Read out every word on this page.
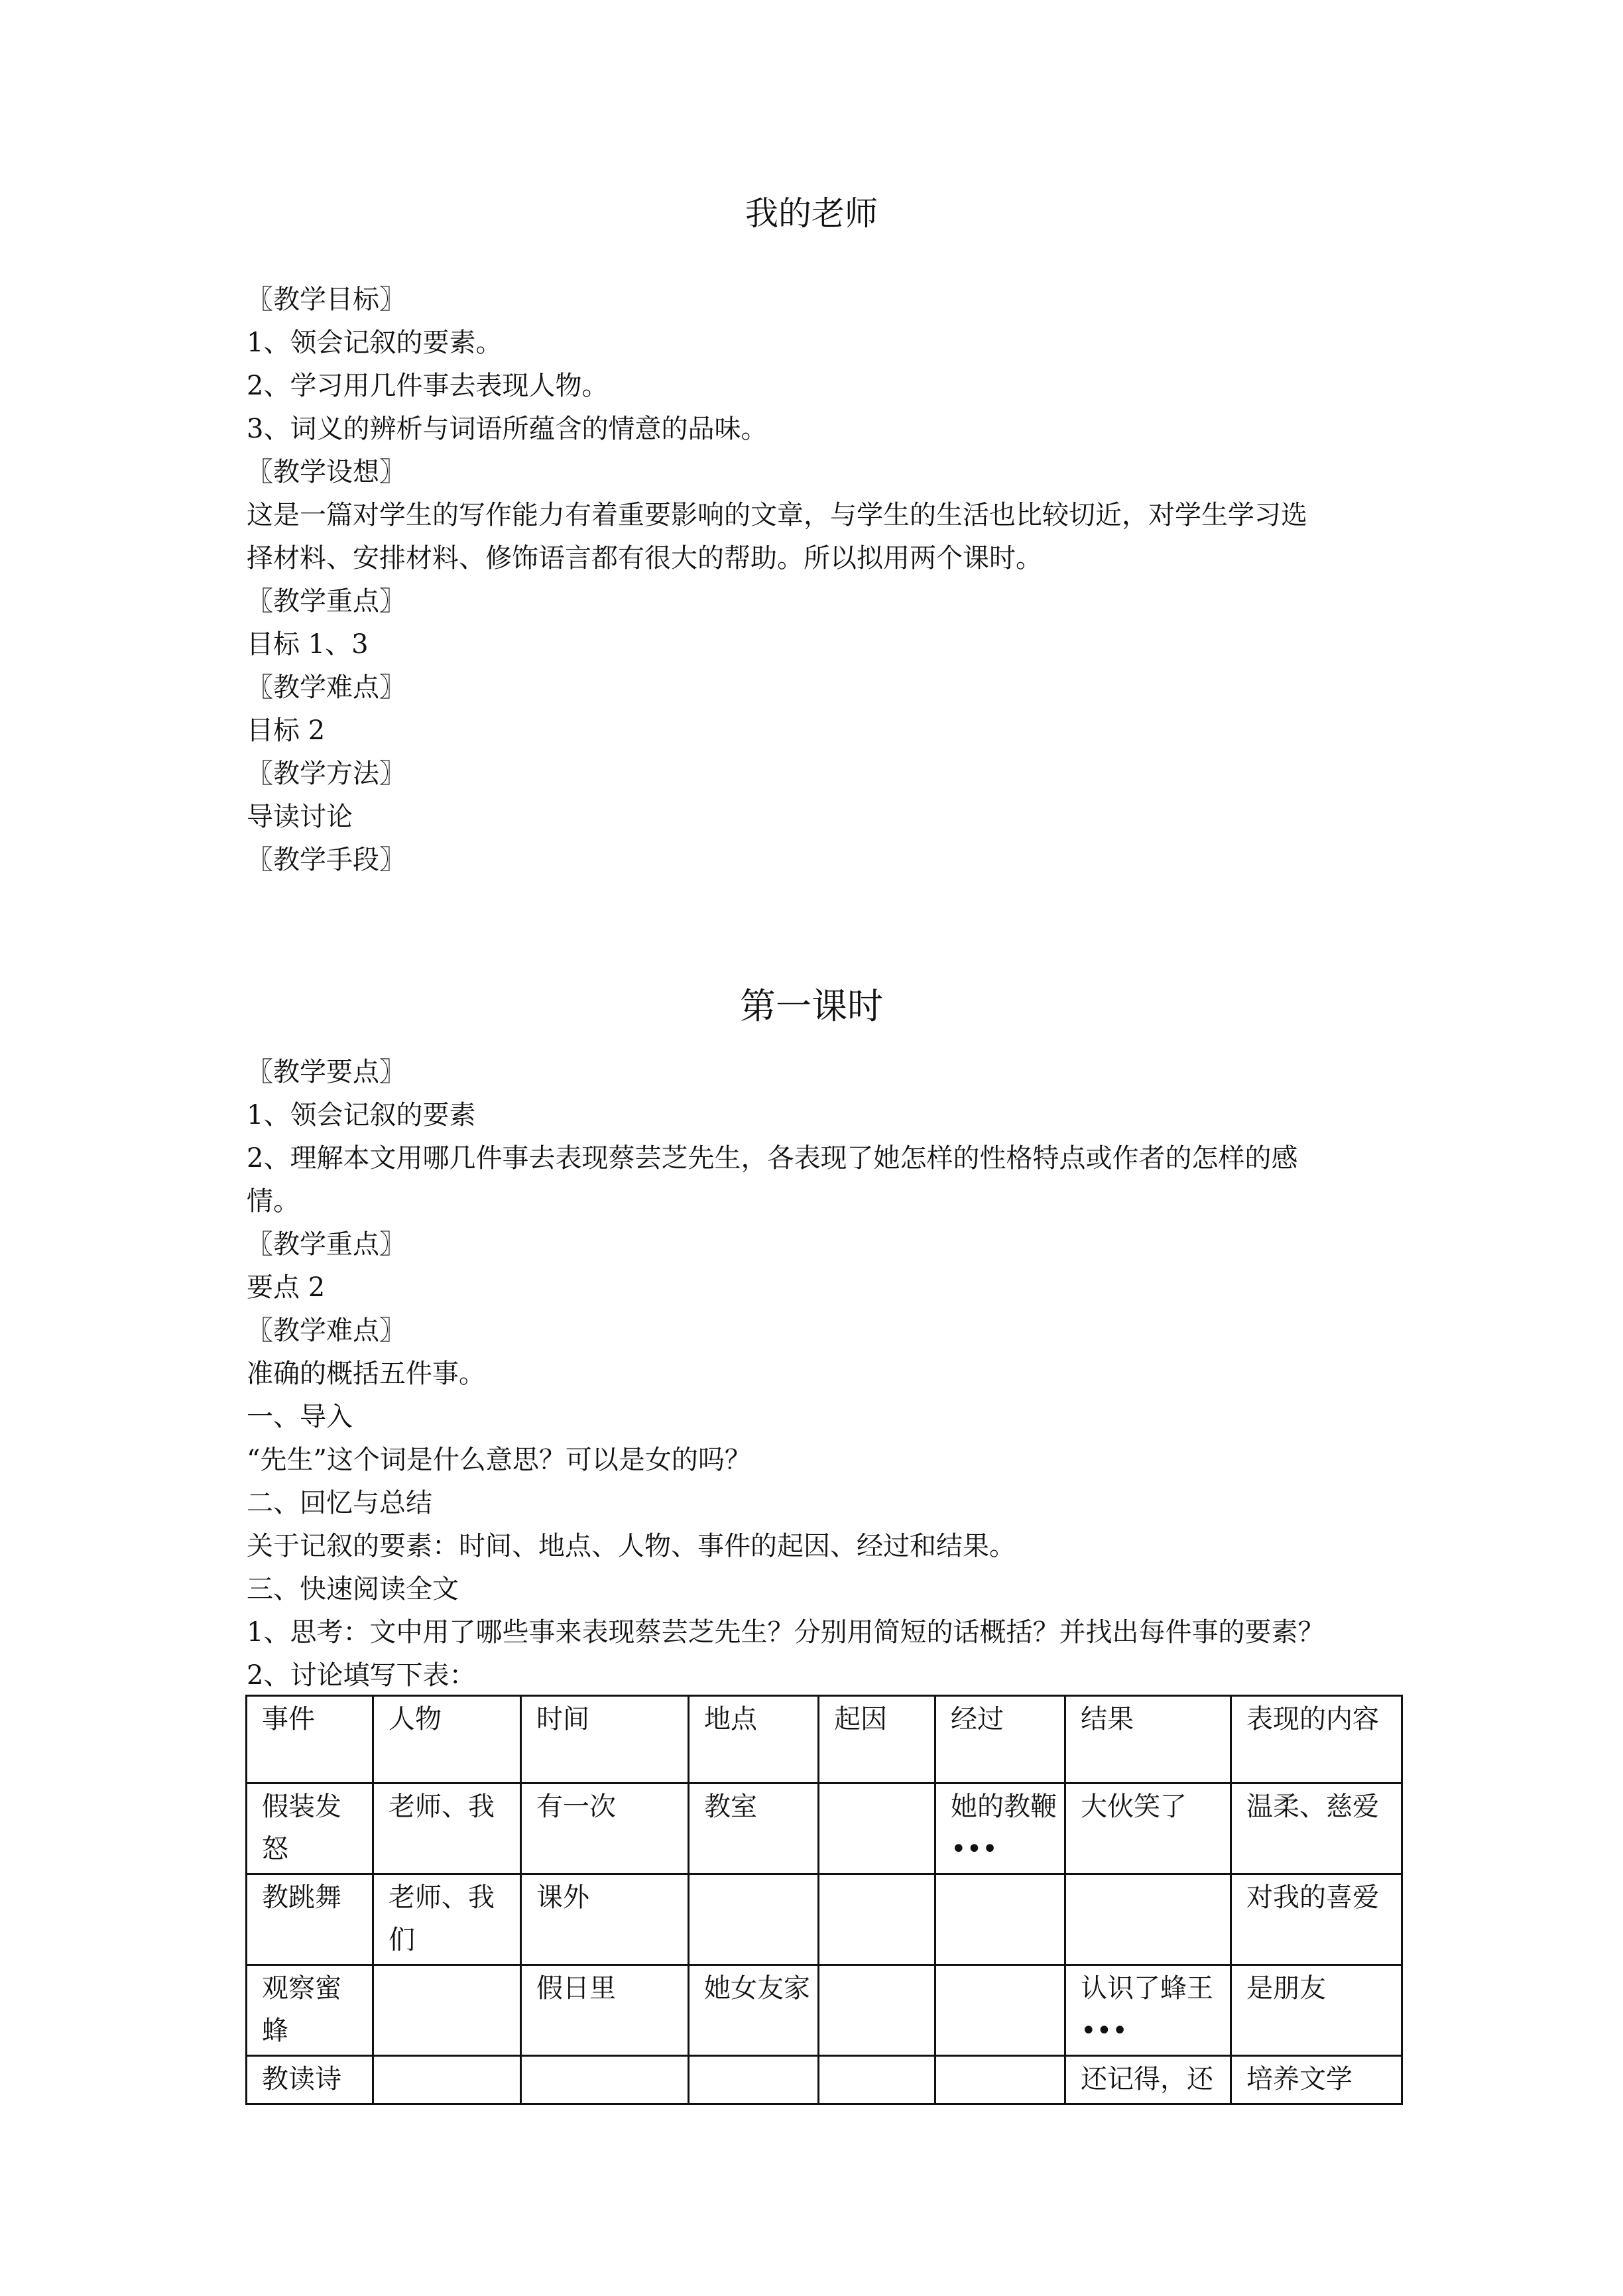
我的老师
〖教学目标〗
1、领会记叙的要素。
2、学习用几件事去表现人物。
3、词义的辨析与词语所蕴含的情意的品味。
〖教学设想〗
这是一篇对学生的写作能力有着重要影响的文章，与学生的生活也比较切近，对学生学习选
择材料、安排材料、修饰语言都有很大的帮助。所以拟用两个课时。
〖教学重点〗
目标 1、3
〖教学难点〗
目标 2
〖教学方法〗
导读讨论
〖教学手段〗
第一课时
〖教学要点〗
1、领会记叙的要素
2、理解本文用哪几件事去表现蔡芸芝先生，各表现了她怎样的性格特点或作者的怎样的感
情。
〖教学重点〗
要点 2
〖教学难点〗
准确的概括五件事。
一、导入
“先生”这个词是什么意思？可以是女的吗？
二、回忆与总结
关于记叙的要素：时间、地点、人物、事件的起因、经过和结果。
三、快速阅读全文
1、思考：文中用了哪些事来表现蔡芸芝先生？分别用简短的话概括？并找出每件事的要素？
2、讨论填写下表：
事件	人物	时间	地点	起因	经过	结果	表现的内容
假装发怒	老师、我	有一次	教室		她的教鞭•••	大伙笑了	温柔、慈爱
教跳舞	老师、我们	课外					对我的喜爱
观察蜜蜂		假日里	她女友家			认识了蜂王•••	是朋友
教读诗						还记得，还	培养文学
